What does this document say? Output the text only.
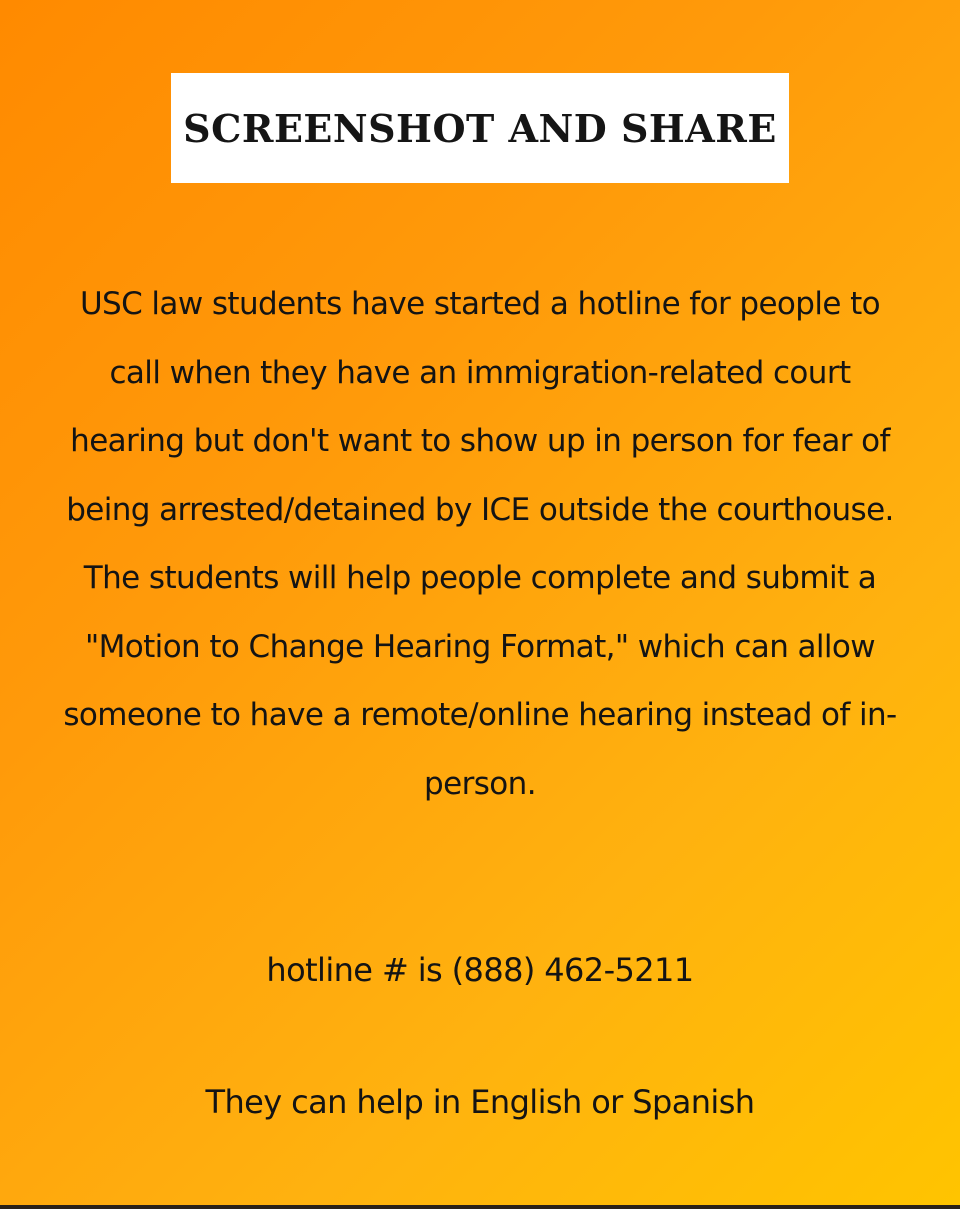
SCREENSHOT AND SHARE
USC law students have started a hotline for people to call when they have an immigration-related court hearing but don't want to show up in person for fear of being arrested/detained by ICE outside the courthouse. The students will help people complete and submit a "Motion to Change Hearing Format," which can allow someone to have a remote/online hearing instead of in-person.
hotline # is (888) 462-5211
They can help in English or Spanish
